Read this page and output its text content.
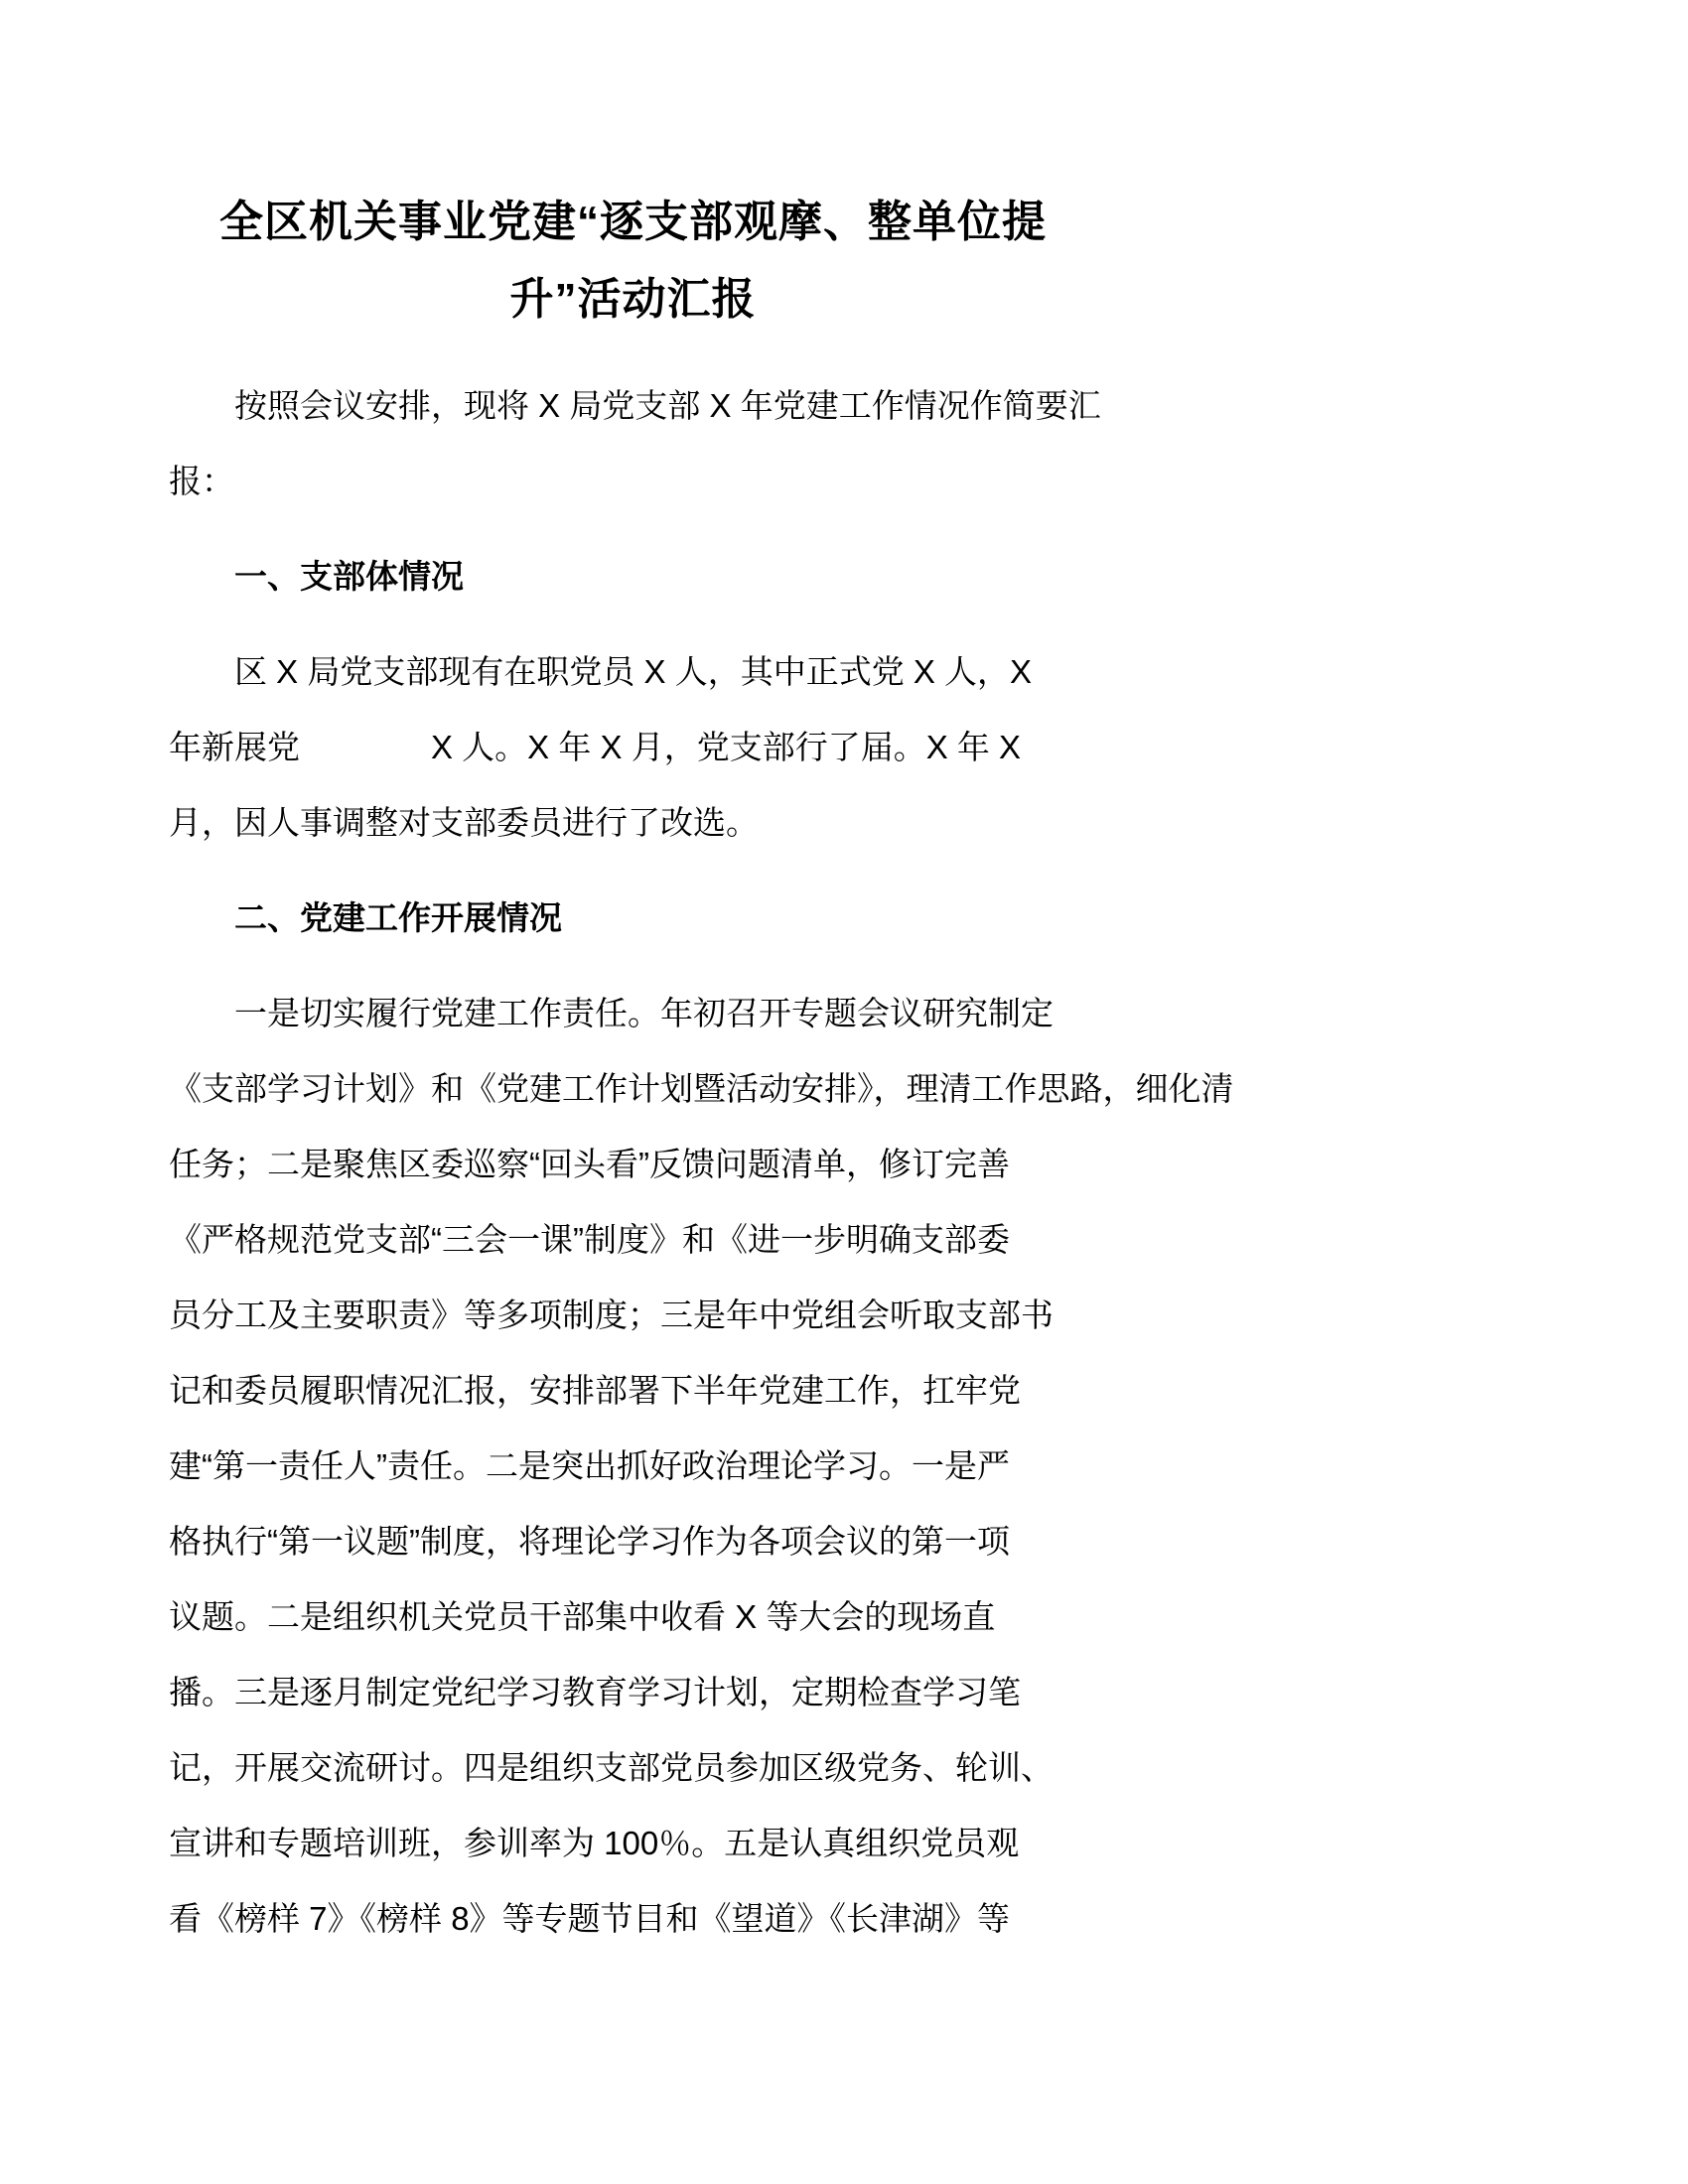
全区机关事业党建“逐支部观摩、整单位提
升”活动汇报

按照会议安排，现将 X 局党支部 X 年党建工作情况作简要汇
报：

一、支部体情况

区 X 局党支部现有在职党员 X 人，其中正式党 X 人，X
年新展党　　　　X 人。X 年 X 月，党支部行了届。X 年 X
月，因人事调整对支部委员进行了改选。

二、党建工作开展情况

一是切实履行党建工作责任。年初召开专题会议研究制定
《支部学习计划》和《党建工作计划暨活动安排》，理清工作思路，细化清
任务；二是聚焦区委巡察“回头看”反馈问题清单，修订完善
《严格规范党支部“三会一课”制度》和《进一步明确支部委
员分工及主要职责》等多项制度；三是年中党组会听取支部书
记和委员履职情况汇报，安排部署下半年党建工作，扛牢党
建“第一责任人”责任。二是突出抓好政治理论学习。一是严
格执行“第一议题”制度，将理论学习作为各项会议的第一项
议题。二是组织机关党员干部集中收看 X 等大会的现场直
播。三是逐月制定党纪学习教育学习计划，定期检查学习笔
记，开展交流研讨。四是组织支部党员参加区级党务、轮训、
宣讲和专题培训班，参训率为 100％。五是认真组织党员观
看《榜样 7》《榜样 8》等专题节目和《望道》《长津湖》等
